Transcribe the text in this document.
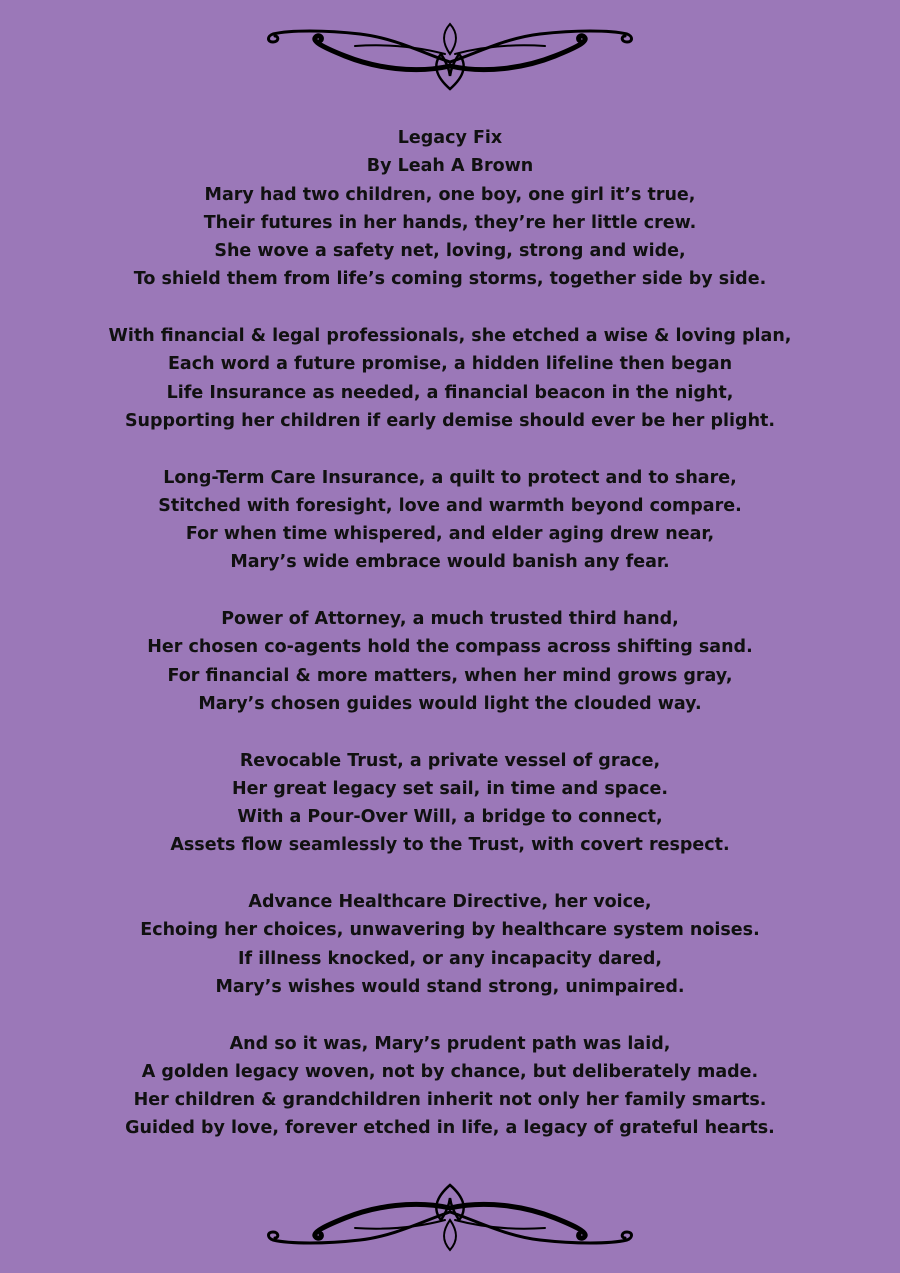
Legacy Fix
By Leah A Brown
Mary had two children, one boy, one girl it’s true,
Their futures in her hands, they’re her little crew.
She wove a safety net, loving, strong and wide,
To shield them from life’s coming storms, together side by side.
With financial & legal professionals, she etched a wise & loving plan,
Each word a future promise, a hidden lifeline then began
Life Insurance as needed, a financial beacon in the night,
Supporting her children if early demise should ever be her plight.
Long-Term Care Insurance, a quilt to protect and to share,
Stitched with foresight, love and warmth beyond compare.
For when time whispered, and elder aging drew near,
Mary’s wide embrace would banish any fear.
Power of Attorney, a much trusted third hand,
Her chosen co-agents hold the compass across shifting sand.
For financial & more matters, when her mind grows gray,
Mary’s chosen guides would light the clouded way.
Revocable Trust, a private vessel of grace,
Her great legacy set sail, in time and space.
With a Pour-Over Will, a bridge to connect,
Assets flow seamlessly to the Trust, with covert respect.
Advance Healthcare Directive, her voice,
Echoing her choices, unwavering by healthcare system noises.
If illness knocked, or any incapacity dared,
Mary’s wishes would stand strong, unimpaired.
And so it was, Mary’s prudent path was laid,
A golden legacy woven, not by chance, but deliberately made.
Her children & grandchildren inherit not only her family smarts.
Guided by love, forever etched in life, a legacy of grateful hearts.
